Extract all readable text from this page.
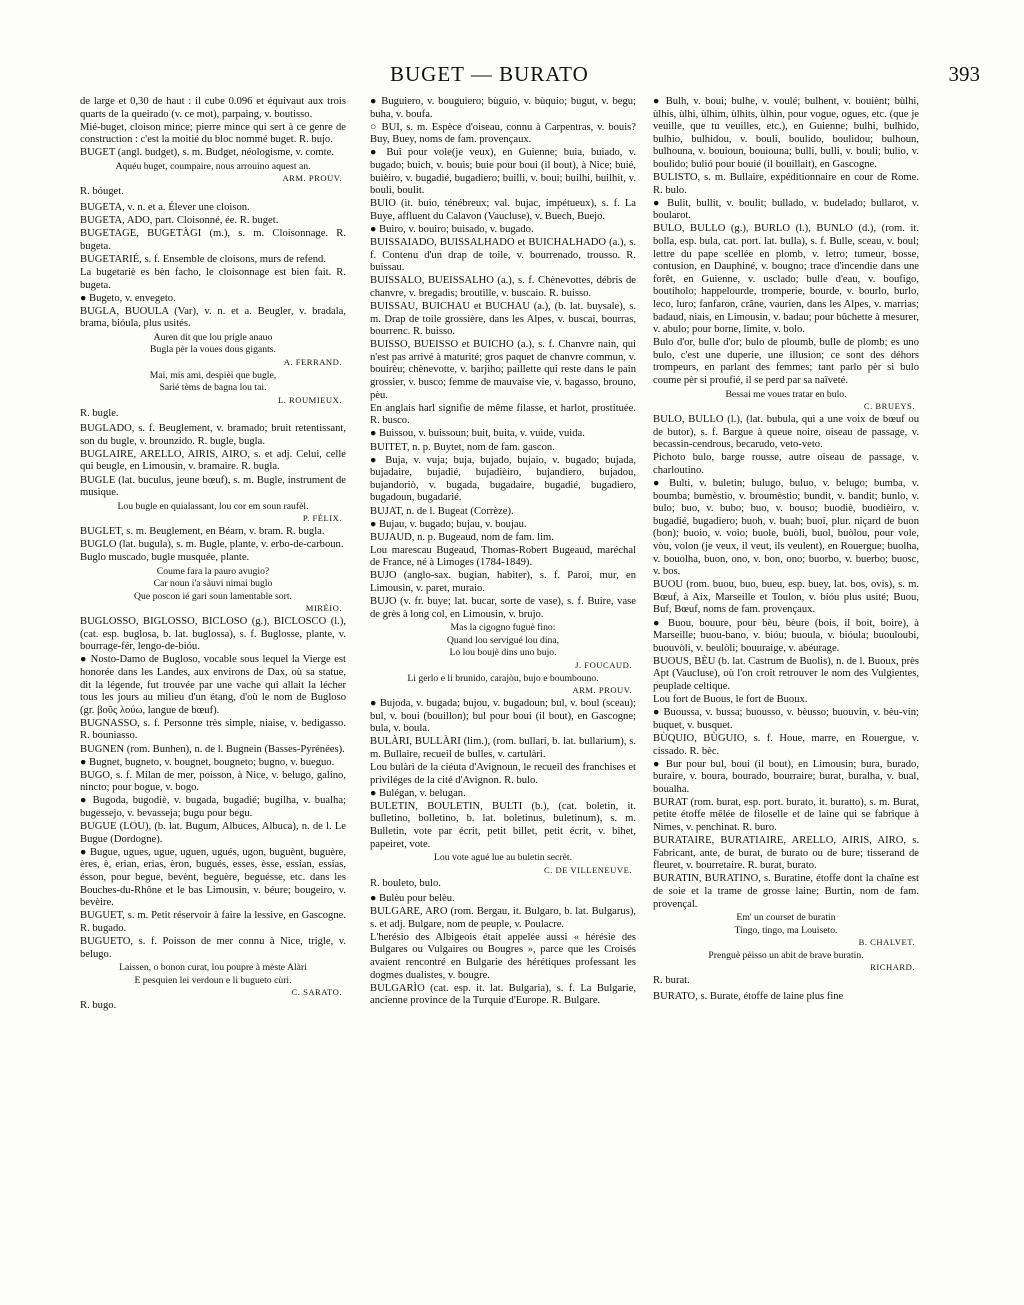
BUGET — BURATO	393

de large et 0,30 de haut : il cube 0.096 et équivaut aux trois quarts de la queirado (v. ce mot), parpaing, v. boutisso.

Mié-buget, cloison mince; pierre mince qui sert à ce genre de construction : c'est la moitié du bloc nommé buget. R. bujo.

BUGET (angl. budget), s. m. Budget, néologisme, v. comte.

Aquéu buget, coumpaire, nous arrouino aquest an.

ARM. PROUV.

R. bóuget.

BUGETA, v. n. et a. Élever une cloison.

BUGETA, ADO, part. Cloisonné, ée. R. buget.

BUGETAGE, BUGETÀGI (m.), s. m. Cloisonnage. R. bugeta.

BUGETARIÉ, s. f. Ensemble de cloisons, murs de refend.

La bugetariè es bèn facho, le cloisonnage est bien fait. R. bugeta.

● Bugeto, v. envegeto.

BUGLA, BUOULA (Var), v. n. et a. Beugler, v. bradala, brama, bióula, plus usités.

Auren dit que lou prigle anauo

Bugla pèr la voues dous gigants.

A. FERRAND.

Mai, mis ami, despièi que bugle,

Sarié tèms de bagna lou tai.

L. ROUMIEUX.

R. bugle.

BUGLADO, s. f. Beuglement, v. bramado; bruit retentissant, son du bugle, v. brounzido. R. bugle, bugla.

BUGLAIRE, ARELLO, AIRIS, AIRO, s. et adj. Celui, celle qui beugle, en Limousin, v. bramaire. R. bugla.

BUGLE (lat. buculus, jeune bœuf), s. m. Bugle, instrument de musique.

Lou bugle en quialassant, lou cor em soun raufèl.

P. FÉLIX.

BUGLET, s. m. Beuglement, en Béarn, v. bram. R. bugla.

BUGLO (lat. bugula), s. m. Bugle, plante, v. erbo-de-carboun.

Buglo muscado, bugle musquée, plante.

Coume fara la pauro avugio?

Car noun i'a sàuvi nimai buglo

Que poscon ié gari soun lamentable sort.

MIRÈIO.

BUGLOSSO, BIGLOSSO, BICLOSO (g.), BICLOSCO (l.), (cat. esp. buglosa, b. lat. buglossa), s. f. Buglosse, plante, v. bourrage-fér, lengo-de-bióu.

● Nosto-Damo de Bugloso, vocable sous lequel la Vierge est honorée dans les Landes, aux environs de Dax, où sa statue, dit la légende, fut trouvée par une vache qui allait la lécher tous les jours au milieu d'un étang, d'où le nom de Bugloso (gr. βοῦς λούω, langue de bœuf).

BUGNASSO, s. f. Personne très simple, niaise, v. bedigasso. R. bouniasso.

BUGNEN (rom. Bunhen), n. de l. Bugnein (Basses-Pyrénées).

● Bugnet, bugneto, v. bougnet, bougneto; bugno, v. bueguo.

BUGO, s. f. Milan de mer, poisson, à Nice, v. belugo, galino, nincto; pour bogue, v. bogo.

● Bugoda, bugodiè, v. bugada, bugadié; bugilha, v. bualha; bugessejo, v. bevasseja; bugu pour begu.

BUGUE (LOU), (b. lat. Bugum, Albuces, Albuca), n. de l. Le Bugue (Dordogne).

● Bugue, ugues, ugue, uguen, ugués, ugon, buguènt, buguère, ères, è, erian, erias, èron, bugués, esses, èsse, essian, essias, ésson, pour begue, bevènt, beguère, beguésse, etc. dans les Bouches-du-Rhône et le bas Limousin, v. béure; bougeiro, v. bevèire.

BUGUET, s. m. Petit réservoir à faire la lessive, en Gascogne. R. bugado.

BUGUETO, s. f. Poisson de mer connu à Nice, trigle, v. belugo.

Laissen, o bonon curat, lou poupre à mèste Alàri

E pesquien lei verdoun e li bugueto cùri.

C. SARATO.

R. bugo.

● Buguiero, v. bouguiero; bùguio, v. bùquio; bugut, v. begu; buha, v. boufa.

○ BUI, s. m. Espèce d'oiseau, connu à Carpentras, v. bouis? Buy, Buey, noms de fam. provençaux.

● Bui pour vole(je veux), en Guienne; buia, buiado, v. bugado; buich, v. bouis; buie pour boui (il bout), à Nice; buié, buièiro, v. bugadié, bugadiero; builli, v. boui; builhi, builhit, v. bouli, boulit.

BUIO (it. buio, ténébreux; val. bujac, impétueux), s. f. La Buye, affluent du Calavon (Vaucluse), v. Buech, Buejo.

● Buiro, v. bouiro; buisado, v. bugado.

BUISSAIADO, BUISSALHADO et BUICHALHADO (a.), s. f. Contenu d'un drap de toile, v. bourrenado, trousso. R. buissau.

BUISSALO, BUEISSALHO (a.), s. f. Chènevottes, débris de chanvre, v. bregadis; broutille, v. buscaio. R. buisso.

BUISSAU, BUICHAU et BUCHAU (a.), (b. lat. buysale), s. m. Drap de toile grossière, dans les Alpes, v. buscai, bourras, bourrenc. R. buisso.

BUISSO, BUEISSO et BUICHO (a.), s. f. Chanvre nain, qui n'est pas arrivé à maturité; gros paquet de chanvre commun, v. bouirèu; chènevotte, v. barjiho; paillette qui reste dans le pain grossier, v. busco; femme de mauvaise vie, v. bagasso, brouno, pèu.

En anglais harl signifie de même filasse, et harlot, prostituée. R. busco.

● Buissou, v. buissoun; buit, buita, v. vuide, vuida.

BUITET, n. p. Buytet, nom de fam. gascon.

● Buja, v. vuja; buja, bujado, bujaio, v. bugado; bujada, bujadaire, bujadié, bujadièiro, bujandiero, bujadou, bujandoriò, v. bugada, bugadaire, bugadié, bugadiero, bugadoun, bugadarié.

BUJAT, n. de l. Bugeat (Corrèze).

● Bujau, v. bugado; bujau, v. boujau.

BUJAUD, n. p. Bugeaud, nom de fam. lim.

Lou marescau Bugeaud, Thomas-Robert Bugeaud, maréchal de France, né à Limoges (1784-1849).

BUJO (anglo-sax. bugian, habiter), s. f. Paroi, mur, en Limousin, v. paret, muraio.

BUJO (v. fr. buye; lat. bucar, sorte de vase), s. f. Buire, vase de grès à long col, en Limousin, v. brujo.

Mas la cigogno fuguè fino:

Quand lou servigué lou dina,

Lo lou boujè dins uno bujo.

J. FOUCAUD.

Li gerlo e li brunido, carajòu, bujo e boumbouno.

ARM. PROUV.

● Bujoda, v. bugada; bujou, v. bugadoun; bul, v. boul (sceau); bul, v. boui (bouillon); bul pour boui (il bout), en Gascogne; bula, v. boula.

BULÀRI, BULLÀRI (lim.), (rom. bullari, b. lat. bullarium), s. m. Bullaire, recueil de bulles, v. cartulàri.

Lou bulàri de la ciéuta d'Avignoun, le recueil des franchises et priviléges de la cité d'Avignon. R. bulo.

● Bulégan, v. belugan.

BULETIN, BOULETIN, BULTI (b.), (cat. boletin, it. bulletino, bolletino, b. lat. boletinus, buletinum), s. m. Bulletin, vote par écrit, petit billet, petit écrit, v. bihet, papeiret, vote.

Lou vote agué lue au buletin secrèt.

C. DE VILLENEUVE.

R. bouleto, bulo.

● Bulèu pour belèu.

BULGARE, ARO (rom. Bergau, it. Bulgaro, b. lat. Bulgarus), s. et adj. Bulgare, nom de peuple, v. Poulacre.

L'herésio des Albigeois était appelée aussi « hérésie des Bulgares ou Vulgaires ou Bougres », parce que les Croisés avaient rencontré en Bulgarie des hérétiques professant les dogmes dualistes, v. bougre.

BULGARÌO (cat. esp. it. lat. Bulgaria), s. f. La Bulgarie, ancienne province de la Turquie d'Europe. R. Bulgare.

● Bulh, v. boui; bulhe, v. voulé; bulhent, v. bouiènt; bùlhi, ùlhis, ùlhi, ùlhim, ùlhits, ùlhin, pour vogue, ogues, etc. (que je veuille, que tu veuilles, etc.), en Guienne; bulhi, bulhido, bulhio, bulhidou, v. bouli, boulido, boulidou; bulhoun, bulhouna, v. bouioun, bouiouna; bulli, bulli, v. bouli; bulio, v. boulido; bulió pour bouié (il bouillait), en Gascogne.

BULISTO, s. m. Bullaire, expéditionnaire en cour de Rome. R. bulo.

● Bulit, bullit, v. boulit; bullado, v. budelado; bullarot, v. boularot.

BULO, BULLO (g.), BURLO (l.), BUNLO (d.), (rom. it. bolla, esp. bula, cat. port. lat. bulla), s. f. Bulle, sceau, v. boul; lettre du pape scellée en plomb, v. letro; tumeur, bosse, contusion, en Dauphiné, v. bougno; trace d'incendie dans une forêt, en Guienne, v. usclado; bulle d'eau, v. boufigo, boutiholo; happelourde, tromperie, bourde, v. bourlo, burlo, leco, luro; fanfaron, crâne, vaurien, dans les Alpes, v. marrias; badaud, niais, en Limousin, v. badau; pour bûchette à mesurer, v. abulo; pour borne, limite, v. bolo.

Bulo d'or, bulle d'or; bulo de ploumb, bulle de plomb; es uno bulo, c'est une duperie, une illusion; ce sont des déhors trompeurs, en parlant des femmes; tant parlo pèr si bulo coume pèr si proufié, il se perd par sa naïveté.

Bessai me voues tratar en bulo.

C. BRUEYS.

BULO, BULLO (l.), (lat. bubula, qui a une voix de bœuf ou de butor), s. f. Bargue à queue noire, oiseau de passage, v. becassin-cendrous, becarudo, veto-veto.

Pichoto bulo, barge rousse, autre oiseau de passage, v. charloutino.

● Bulti, v. buletin; bulugo, buluo, v. belugo; bumba, v. boumba; bumèstio, v. broumèstio; bundit, v. bandit; bunlo, v. bulo; buo, v. bubo; buo, v. bouso; buodiè, buodièiro, v. bugadié, bugadiero; buoh, v. buah; buoi, plur. niçard de buon (bon); buoio, v. voio; buole, buòli, buol, buòlou, pour vole, vòu, volon (je veux, il veut, ils veulent), en Rouergue; buolha, v. bouolha, buon, ono, v. bon, ono; buorbo, v. buerbo; buosc, v. bos.

BUOU (rom. buou, buo, bueu, esp. buey, lat. bos, ovis), s. m. Bœuf, à Aix, Marseille et Toulon, v. bióu plus usité; Buou, Buf, Bœuf, noms de fam. provençaux.

● Buou, bouure, pour bèu, bèure (bois, il boit, boire), à Marseille; buou-bano, v. bióu; buoula, v. bióula; buouloubi, buouvòli, v. beulòli; bouuraige, v. abéurage.

BUOUS, BÈU (b. lat. Castrum de Buolis), n. de l. Buoux, près Apt (Vaucluse), où l'on croit retrouver le nom des Vulgientes, peuplade celtique.

Lou fort de Buous, le fort de Buoux.

● Buoussa, v. bussa; buousso, v. bèusso; buouvin, v. bèu-vin; buquet, v. busquet.

BÙQUIO, BÙGUIO, s. f. Houe, marre, en Rouergue, v. cissado. R. bèc.

● Bur pour bul, boui (il bout), en Limousin; bura, burado, buraire, v. boura, bourado, bourraire; burat, buralha, v. bual, boualha.

BURAT (rom. burat, esp. port. burato, it. buratto), s. m. Burat, petite étoffe mêlée de filoselle et de laine qui se fabrique à Nimes, v. penchinat. R. buro.

BURATAIRE, BURATIAIRE, ARELLO, AIRIS, AIRO, s. Fabricant, ante, de burat, de burato ou de bure; tisserand de fleuret, v. bourretaire. R. burat, burato.

BURATIN, BURATINO, s. Buratine, étoffe dont la chaîne est de soie et la trame de grosse laine; Burtin, nom de fam. provençal.

Em' un courset de buratin

Tingo, tingo, ma Louiseto.

B. CHALVET.

Prenguè pèisso un abit de brave buratin.

RICHARD.

R. burat.

BURATO, s. Burate, étoffe de laine plus fine
